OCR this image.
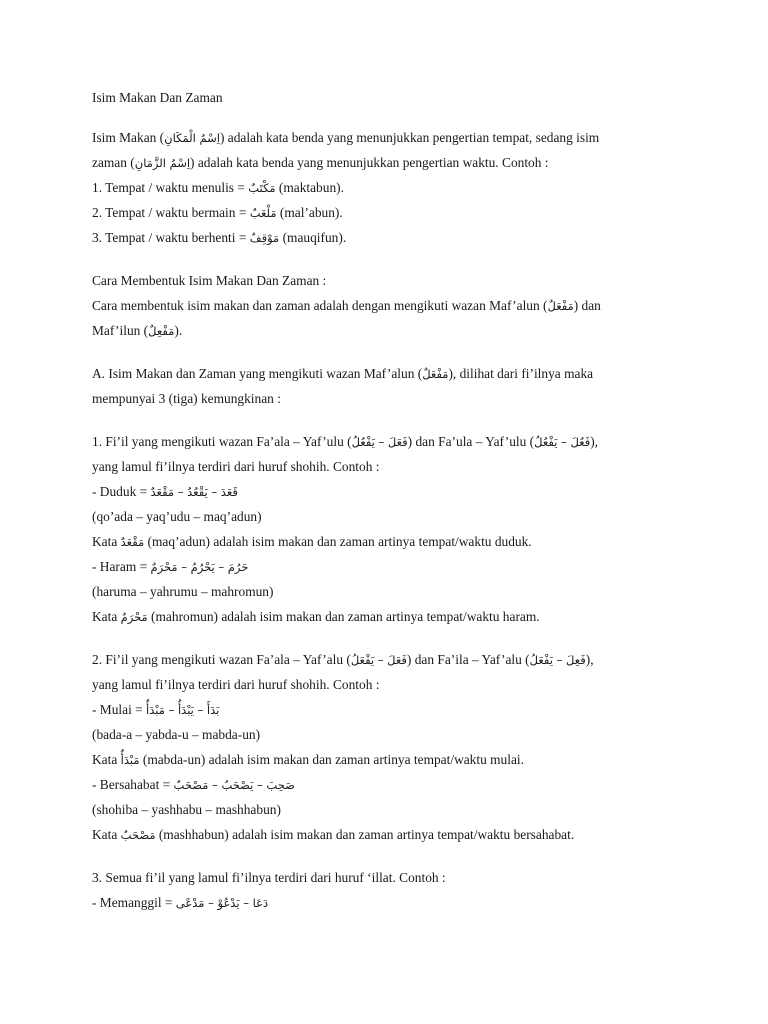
Isim Makan Dan Zaman
Isim Makan (اِسْمُ الْمَكَانِ) adalah kata benda yang menunjukkan pengertian tempat, sedang isim
zaman (اِسْمُ الزَّمَانِ) adalah kata benda yang menunjukkan pengertian waktu. Contoh :
1. Tempat / waktu menulis = مَكْتَبٌ (maktabun).
2. Tempat / waktu bermain = مَلْعَبٌ (mal’abun).
3. Tempat / waktu berhenti = مَوْقِفٌ (mauqifun).
Cara Membentuk Isim Makan Dan Zaman :
Cara membentuk isim makan dan zaman adalah dengan mengikuti wazan Maf’alun (مَفْعَلٌ) dan
Maf’ilun (مَفْعِلٌ).
A. Isim Makan dan Zaman yang mengikuti wazan Maf’alun (مَفْعَلٌ), dilihat dari fi’ilnya maka
mempunyai 3 (tiga) kemungkinan :
1. Fi’il yang mengikuti wazan Fa’ala – Yaf’ulu (فَعَلَ – يَفْعُلُ) dan Fa’ula – Yaf’ulu (فَعُلَ – يَفْعُلُ),
yang lamul fi’ilnya terdiri dari huruf shohih. Contoh :
- Duduk = قَعَدَ – يَقْعُدُ – مَقْعَدٌ
(qo’ada – yaq’udu – maq’adun)
Kata مَقْعَدٌ (maq’adun) adalah isim makan dan zaman artinya tempat/waktu duduk.
- Haram = حَرُمَ – يَحْرُمُ – مَحْرَمٌ
(haruma – yahrumu – mahromun)
Kata مَحْرَمٌ (mahromun) adalah isim makan dan zaman artinya tempat/waktu haram.
2. Fi’il yang mengikuti wazan Fa’ala – Yaf’alu (فَعَلَ – يَفْعَلُ) dan Fa’ila – Yaf’alu (فَعِلَ – يَفْعَلُ),
yang lamul fi’ilnya terdiri dari huruf shohih. Contoh :
- Mulai = بَدَأَ – يَبْدَأُ – مَبْدَأٌ
(bada-a – yabda-u – mabda-un)
Kata مَبْدَأٌ (mabda-un) adalah isim makan dan zaman artinya tempat/waktu mulai.
- Bersahabat = صَحِبَ – يَصْحَبُ – مَصْحَبٌ
(shohiba – yashhabu – mashhabun)
Kata مَصْحَبٌ (mashhabun) adalah isim makan dan zaman artinya tempat/waktu bersahabat.
3. Semua fi’il yang lamul fi’ilnya terdiri dari huruf ‘illat. Contoh :
- Memanggil = دَعَا – يَدْعُوْ – مَدْعًى
